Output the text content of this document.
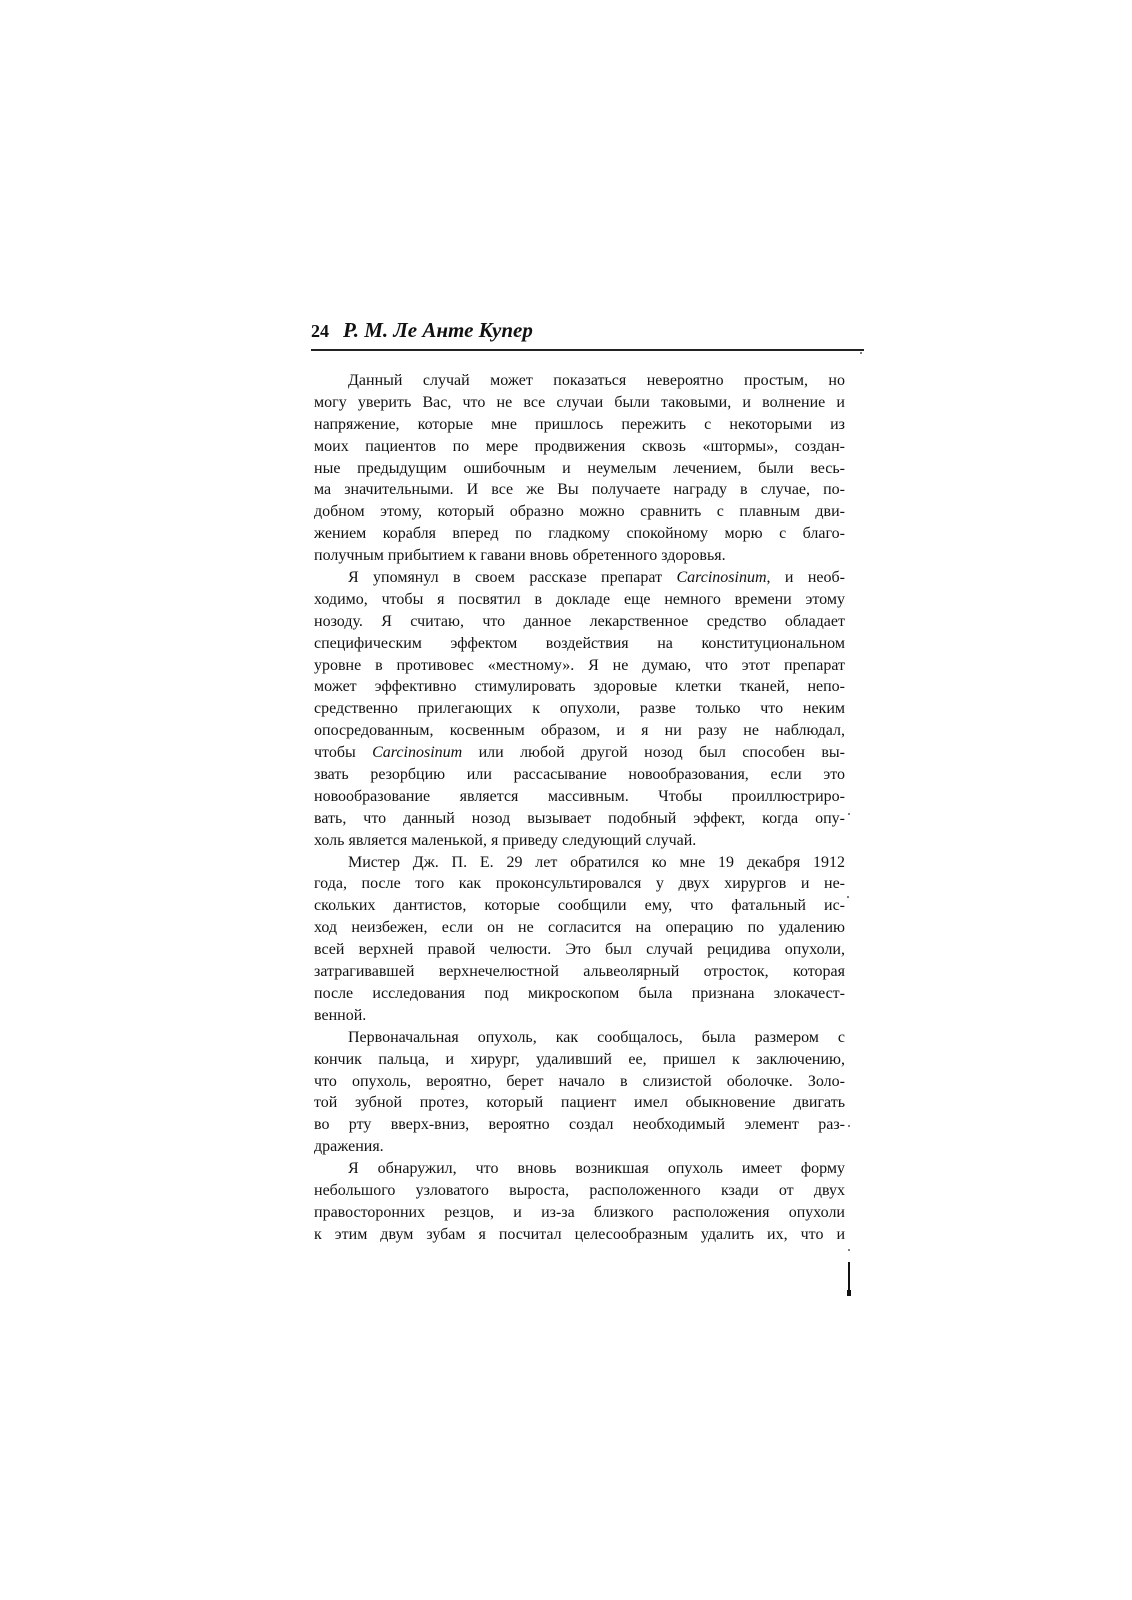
24 Р. М. Ле Анте Купер
Данный случай может показаться невероятно простым, но
могу уверить Вас, что не все случаи были таковыми, и волнение и
напряжение, которые мне пришлось пережить с некоторыми из
моих пациентов по мере продвижения сквозь «штормы», создан-
ные предыдущим ошибочным и неумелым лечением, были весь-
ма значительными. И все же Вы получаете награду в случае, по-
добном этому, который образно можно сравнить с плавным дви-
жением корабля вперед по гладкому спокойному морю с благо-
получным прибытием к гавани вновь обретенного здоровья.
Я упомянул в своем рассказе препарат Carcinosinum, и необ-
ходимо, чтобы я посвятил в докладе еще немного времени этому
нозоду. Я считаю, что данное лекарственное средство обладает
специфическим эффектом воздействия на конституциональном
уровне в противовес «местному». Я не думаю, что этот препарат
может эффективно стимулировать здоровые клетки тканей, непо-
средственно прилегающих к опухоли, разве только что неким
опосредованным, косвенным образом, и я ни разу не наблюдал,
чтобы Carcinosinum или любой другой нозод был способен вы-
звать резорбцию или рассасывание новообразования, если это
новообразование является массивным. Чтобы проиллюстриро-
вать, что данный нозод вызывает подобный эффект, когда опу-
холь является маленькой, я приведу следующий случай.
Мистер Дж. П. Е. 29 лет обратился ко мне 19 декабря 1912
года, после того как проконсультировался у двух хирургов и не-
скольких дантистов, которые сообщили ему, что фатальный ис-
ход неизбежен, если он не согласится на операцию по удалению
всей верхней правой челюсти. Это был случай рецидива опухоли,
затрагивавшей верхнечелюстной альвеолярный отросток, которая
после исследования под микроскопом была признана злокачест-
венной.
Первоначальная опухоль, как сообщалось, была размером с
кончик пальца, и хирург, удаливший ее, пришел к заключению,
что опухоль, вероятно, берет начало в слизистой оболочке. Золо-
той зубной протез, который пациент имел обыкновение двигать
во рту вверх-вниз, вероятно создал необходимый элемент раз-
дражения.
Я обнаружил, что вновь возникшая опухоль имеет форму
небольшого узловатого выроста, расположенного кзади от двух
правосторонних резцов, и из-за близкого расположения опухоли
к этим двум зубам я посчитал целесообразным удалить их, что и
